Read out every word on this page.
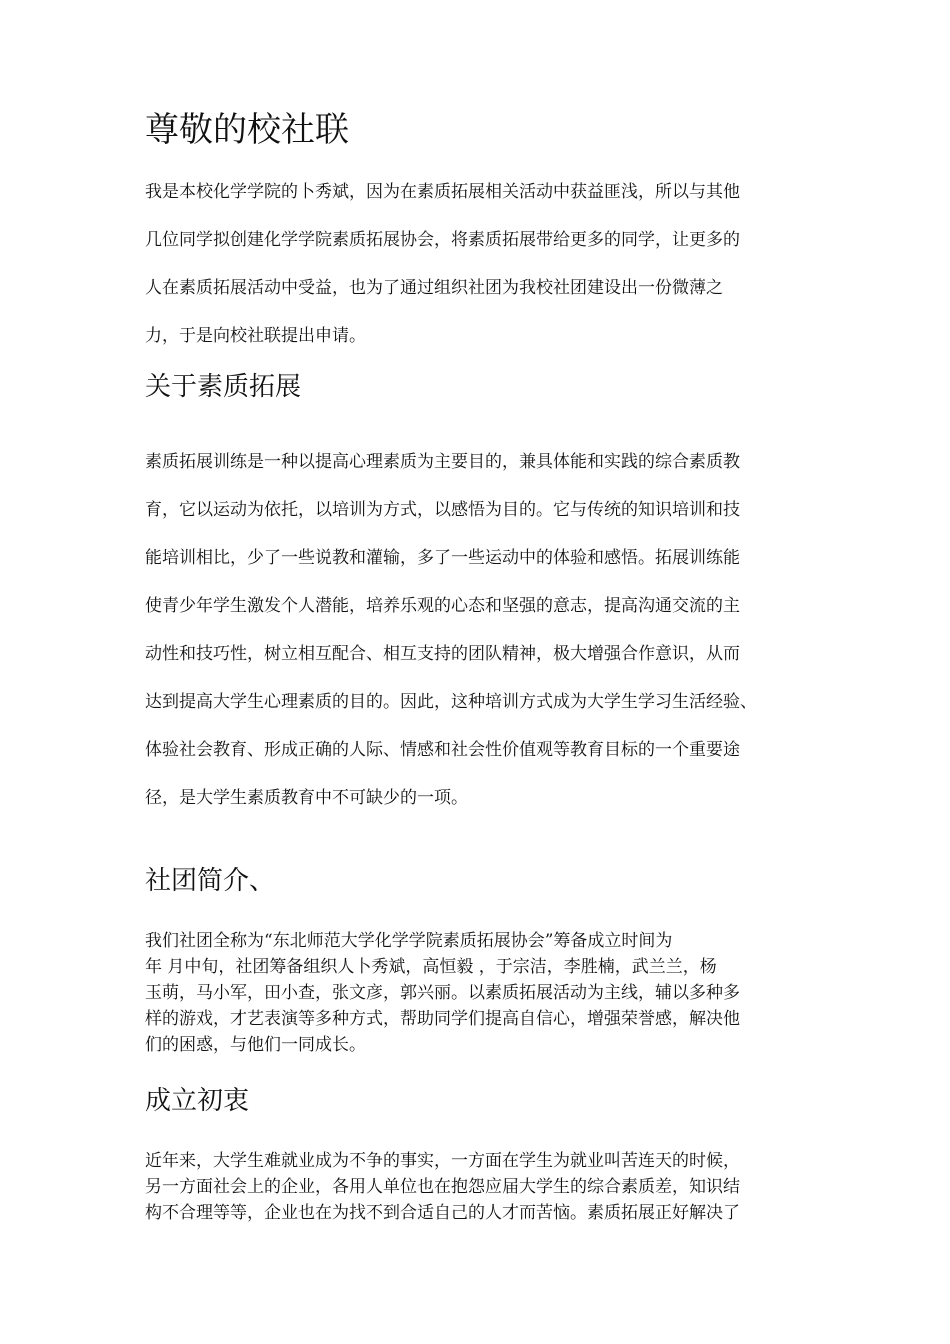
尊敬的校社联
我是本校化学学院的卜秀斌，因为在素质拓展相关活动中获益匪浅，所以与其他
几位同学拟创建化学学院素质拓展协会，将素质拓展带给更多的同学，让更多的
人在素质拓展活动中受益，也为了通过组织社团为我校社团建设出一份微薄之
力，于是向校社联提出申请。
关于素质拓展
素质拓展训练是一种以提高心理素质为主要目的，兼具体能和实践的综合素质教
育，它以运动为依托，以培训为方式，以感悟为目的。它与传统的知识培训和技
能培训相比，少了一些说教和灌输，多了一些运动中的体验和感悟。拓展训练能
使青少年学生激发个人潜能，培养乐观的心态和坚强的意志，提高沟通交流的主
动性和技巧性，树立相互配合、相互支持的团队精神，极大增强合作意识，从而
达到提高大学生心理素质的目的。因此，这种培训方式成为大学生学习生活经验、
体验社会教育、形成正确的人际、情感和社会性价值观等教育目标的一个重要途
径，是大学生素质教育中不可缺少的一项。
社团简介、
我们社团全称为“东北师范大学化学学院素质拓展协会”筹备成立时间为
年 月中旬，社团筹备组织人卜秀斌，高恒毅 ，于宗洁，李胜楠，武兰兰，杨
玉萌，马小军，田小查，张文彦，郭兴丽。以素质拓展活动为主线，辅以多种多
样的游戏，才艺表演等多种方式，帮助同学们提高自信心，增强荣誉感，解决他
们的困惑，与他们一同成长。
成立初衷
近年来，大学生难就业成为不争的事实，一方面在学生为就业叫苦连天的时候，
另一方面社会上的企业，各用人单位也在抱怨应届大学生的综合素质差，知识结
构不合理等等，企业也在为找不到合适自己的人才而苦恼。素质拓展正好解决了
